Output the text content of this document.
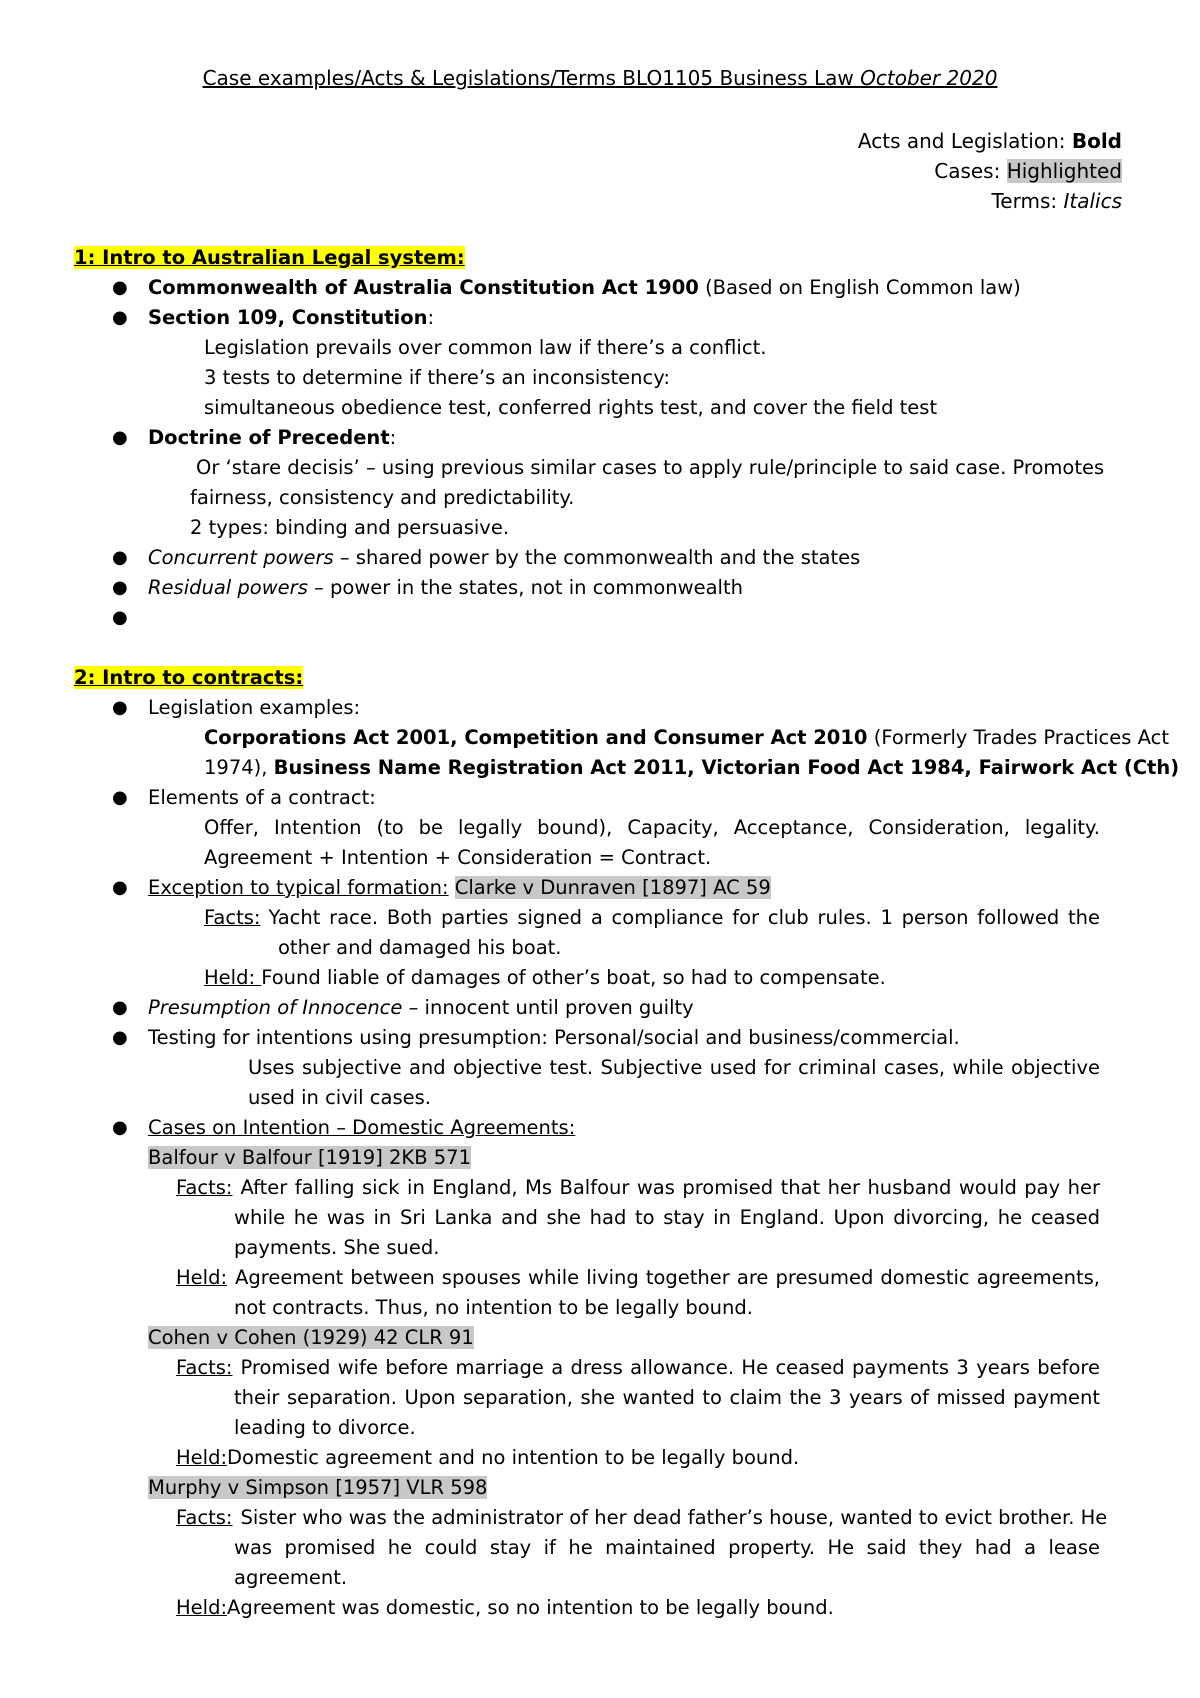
Case examples/Acts & Legislations/Terms BLO1105 Business Law October 2020
Acts and Legislation: Bold
Cases: Highlighted
Terms: Italics
1: Intro to Australian Legal system:
● Commonwealth of Australia Constitution Act 1900 (Based on English Common law)
● Section 109, Constitution:
Legislation prevails over common law if there’s a conflict.
3 tests to determine if there’s an inconsistency:
simultaneous obedience test, conferred rights test, and cover the field test
● Doctrine of Precedent:
Or ‘stare decisis’ – using previous similar cases to apply rule/principle to said case. Promotes
fairness, consistency and predictability.
2 types: binding and persuasive.
● Concurrent powers – shared power by the commonwealth and the states
● Residual powers – power in the states, not in commonwealth
●
2: Intro to contracts:
● Legislation examples:
Corporations Act 2001, Competition and Consumer Act 2010 (Formerly Trades Practices Act
1974), Business Name Registration Act 2011, Victorian Food Act 1984, Fairwork Act (Cth)
● Elements of a contract:
Offer, Intention (to be legally bound), Capacity, Acceptance, Consideration, legality.
Agreement + Intention + Consideration = Contract.
● Exception to typical formation: Clarke v Dunraven [1897] AC 59
Facts: Yacht race. Both parties signed a compliance for club rules. 1 person followed the
other and damaged his boat.
Held: Found liable of damages of other’s boat, so had to compensate.
● Presumption of Innocence – innocent until proven guilty
● Testing for intentions using presumption: Personal/social and business/commercial.
Uses subjective and objective test. Subjective used for criminal cases, while objective
used in civil cases.
● Cases on Intention – Domestic Agreements:
Balfour v Balfour [1919] 2KB 571
Facts: After falling sick in England, Ms Balfour was promised that her husband would pay her
while he was in Sri Lanka and she had to stay in England. Upon divorcing, he ceased
payments. She sued.
Held: Agreement between spouses while living together are presumed domestic agreements,
not contracts. Thus, no intention to be legally bound.
Cohen v Cohen (1929) 42 CLR 91
Facts: Promised wife before marriage a dress allowance. He ceased payments 3 years before
their separation. Upon separation, she wanted to claim the 3 years of missed payment
leading to divorce.
Held:Domestic agreement and no intention to be legally bound.
Murphy v Simpson [1957] VLR 598
Facts: Sister who was the administrator of her dead father’s house, wanted to evict brother. He
was promised he could stay if he maintained property. He said they had a lease
agreement.
Held:Agreement was domestic, so no intention to be legally bound.
